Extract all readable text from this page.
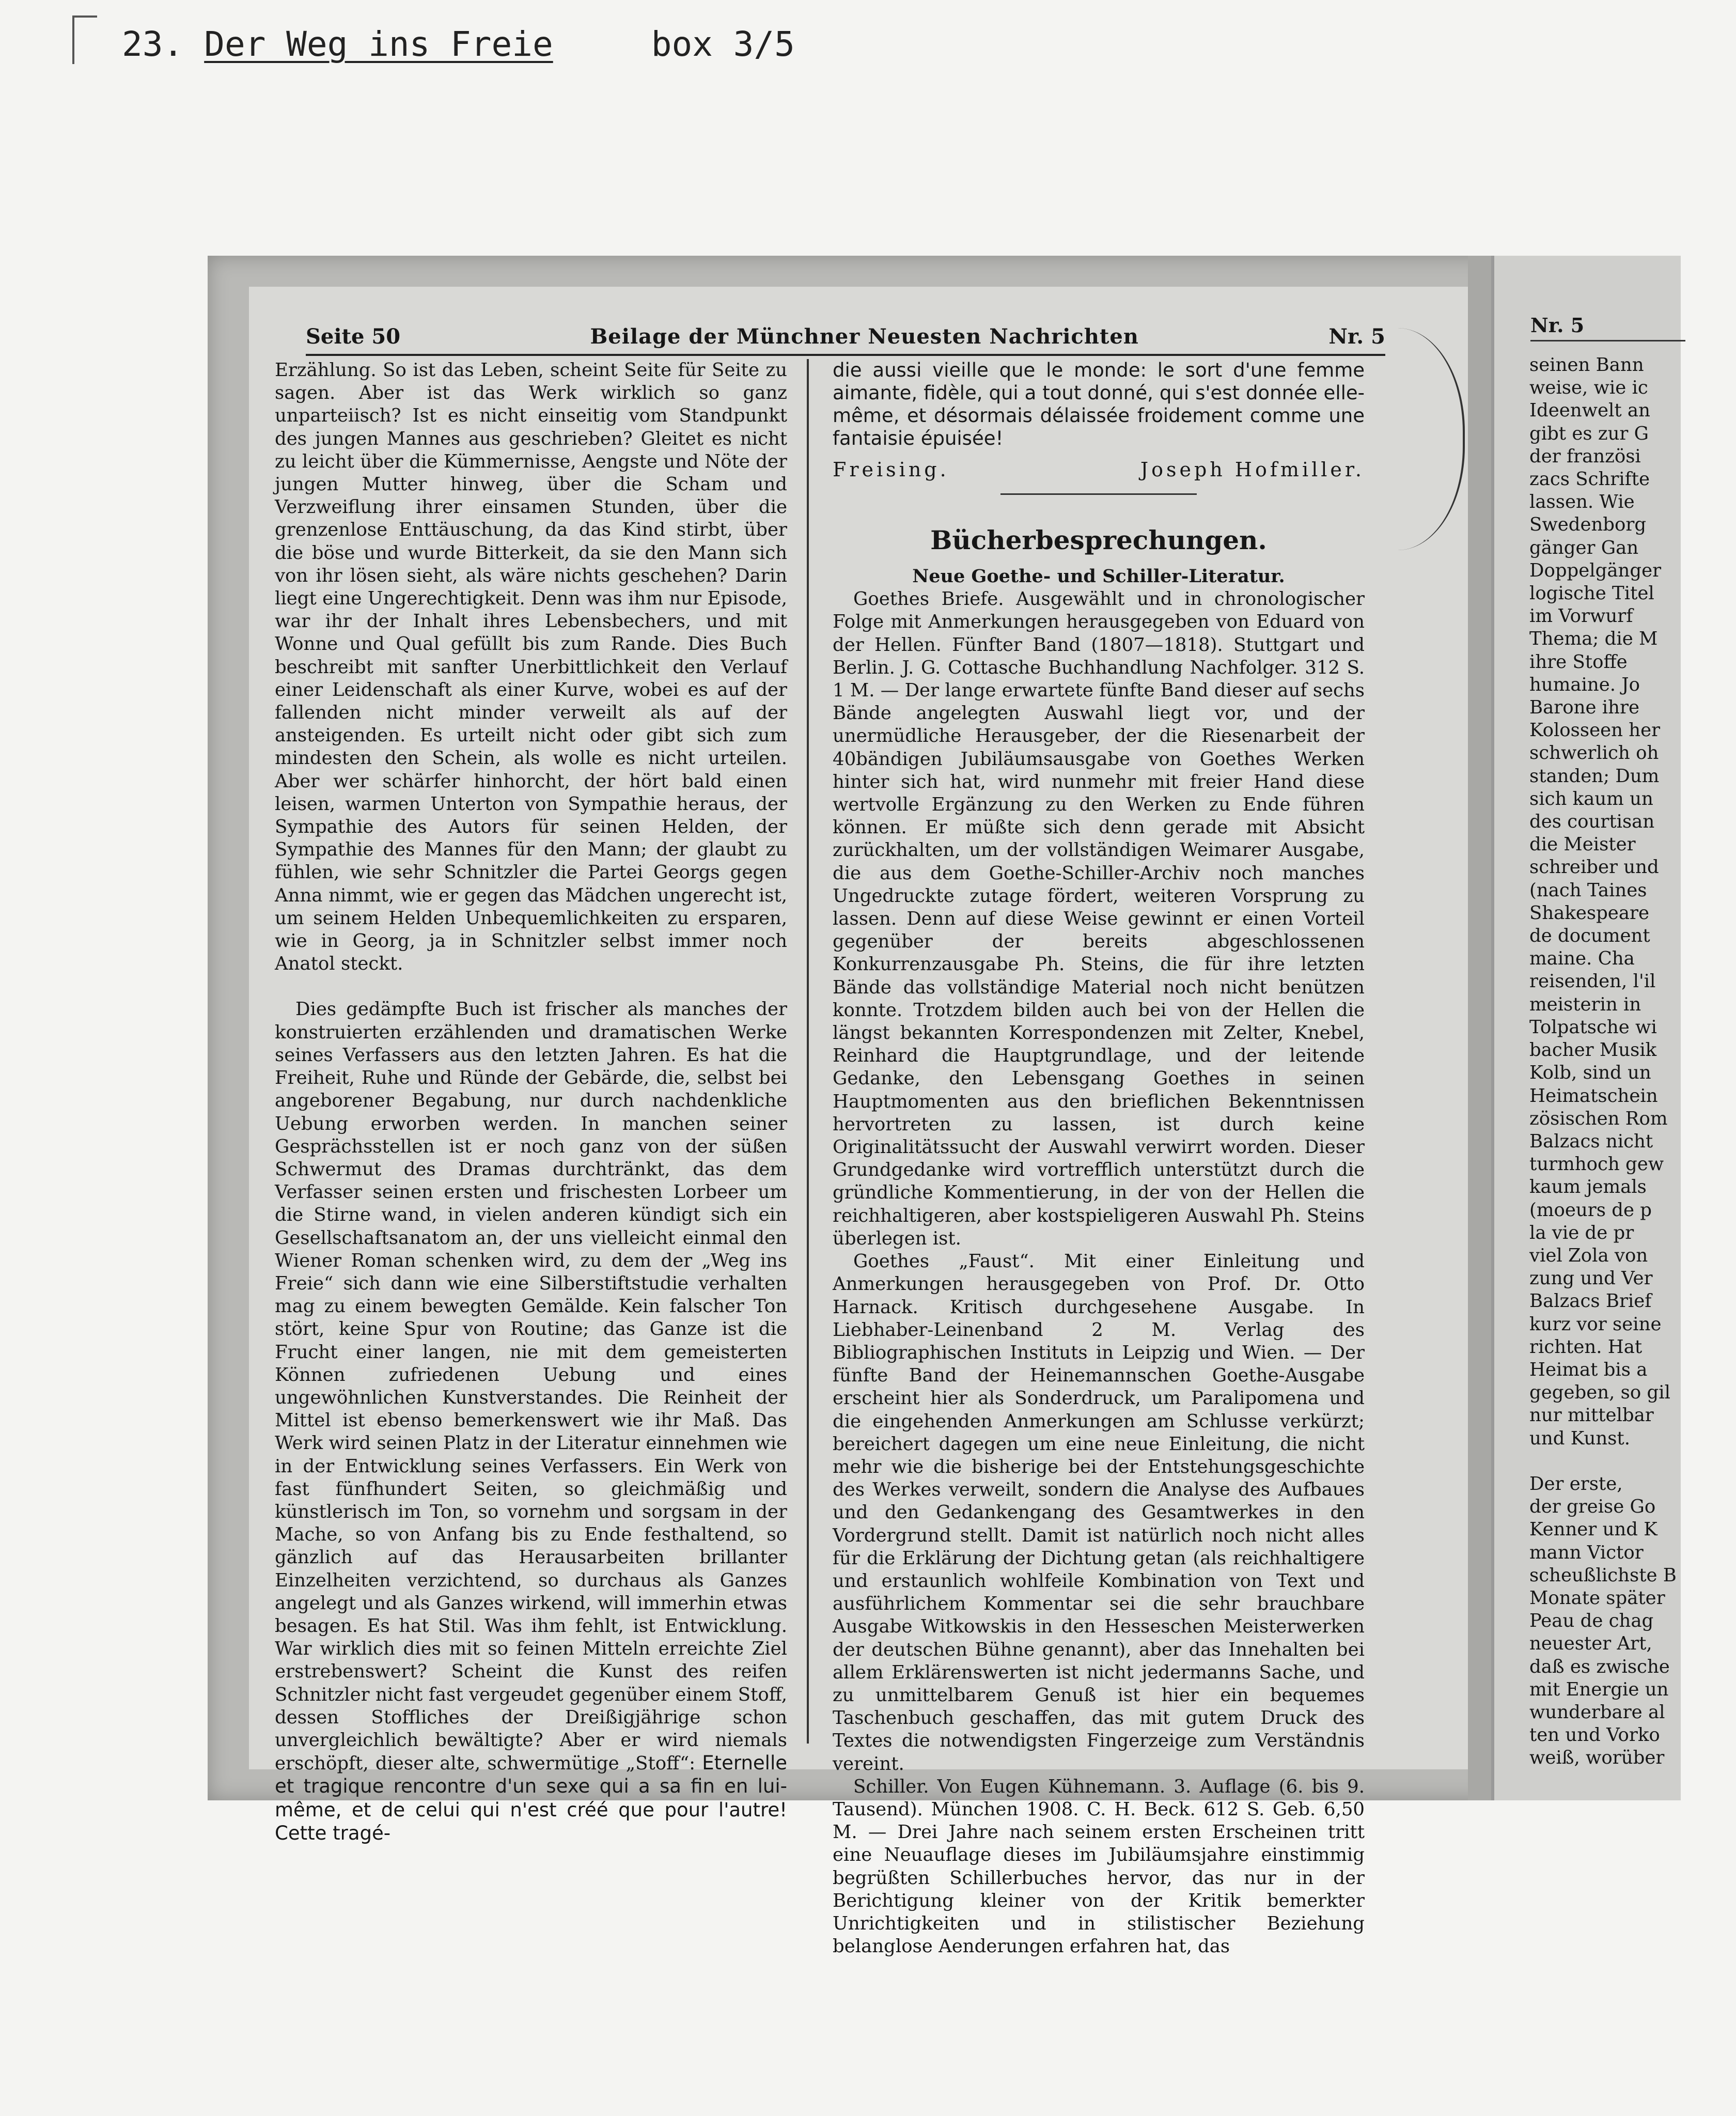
23. Der Weg ins Freie	box 3/5
Seite 50	Beilage der Münchner Neuesten Nachrichten	Nr. 5

Erzählung. So ist das Leben, scheint Seite für Seite zu sagen. Aber ist das Werk wirklich so ganz unparteiisch? Ist es nicht einseitig vom Standpunkt des jungen Mannes aus geschrieben? Gleitet es nicht zu leicht über die Kümmernisse, Aengste und Nöte der jungen Mutter hinweg, über die Scham und Verzweiflung ihrer einsamen Stunden, über die grenzenlose Enttäuschung, da das Kind stirbt, über die böse und wurde Bitterkeit, da sie den Mann sich von ihr lösen sieht, als wäre nichts geschehen? Darin liegt eine Ungerechtigkeit. Denn was ihm nur Episode, war ihr der Inhalt ihres Lebensbechers, und mit Wonne und Qual gefüllt bis zum Rande. Dies Buch beschreibt mit sanfter Unerbittlichkeit den Verlauf einer Leidenschaft als einer Kurve, wobei es auf der fallenden nicht minder verweilt als auf der ansteigenden. Es urteilt nicht oder gibt sich zum mindesten den Schein, als wolle es nicht urteilen. Aber wer schärfer hinhorcht, der hört bald einen leisen, warmen Unterton von Sympathie heraus, der Sympathie des Autors für seinen Helden, der Sympathie des Mannes für den Mann; der glaubt zu fühlen, wie sehr Schnitzler die Partei Georgs gegen Anna nimmt, wie er gegen das Mädchen ungerecht ist, um seinem Helden Unbequemlichkeiten zu ersparen, wie in Georg, ja in Schnitzler selbst immer noch Anatol steckt.

Dies gedämpfte Buch ist frischer als manches der konstruierten erzählenden und dramatischen Werke seines Verfassers aus den letzten Jahren. Es hat die Freiheit, Ruhe und Ründe der Gebärde, die, selbst bei angeborener Begabung, nur durch nachdenkliche Uebung erworben werden. In manchen seiner Gesprächsstellen ist er noch ganz von der süßen Schwermut des Dramas durchtränkt, das dem Verfasser seinen ersten und frischesten Lorbeer um die Stirne wand, in vielen anderen kündigt sich ein Gesellschaftsanatom an, der uns vielleicht einmal den Wiener Roman schenken wird, zu dem der „Weg ins Freie“ sich dann wie eine Silberstiftstudie verhalten mag zu einem bewegten Gemälde. Kein falscher Ton stört, keine Spur von Routine; das Ganze ist die Frucht einer langen, nie mit dem gemeisterten Können zufriedenen Uebung und eines ungewöhnlichen Kunstverstandes. Die Reinheit der Mittel ist ebenso bemerkenswert wie ihr Maß. Das Werk wird seinen Platz in der Literatur einnehmen wie in der Entwicklung seines Verfassers. Ein Werk von fast fünfhundert Seiten, so gleichmäßig und künstlerisch im Ton, so vornehm und sorgsam in der Mache, so von Anfang bis zu Ende festhaltend, so gänzlich auf das Herausarbeiten brillanter Einzelheiten verzichtend, so durchaus als Ganzes angelegt und als Ganzes wirkend, will immerhin etwas besagen. Es hat Stil. Was ihm fehlt, ist Entwicklung. War wirklich dies mit so feinen Mitteln erreichte Ziel erstrebenswert? Scheint die Kunst des reifen Schnitzler nicht fast vergeudet gegenüber einem Stoff, dessen Stoffliches der Dreißigjährige schon unvergleichlich bewältigte? Aber er wird niemals erschöpft, dieser alte, schwermütige „Stoff“: Eternelle et tragique rencontre d'un sexe qui a sa fin en lui-même, et de celui qui n'est créé que pour l'autre! Cette tragé-

die aussi vieille que le monde: le sort d'une femme aimante, fidèle, qui a tout donné, qui s'est donnée elle-même, et désormais délaissée froidement comme une fantaisie épuisée!

Freising.	Joseph Hofmiller.
Bücherbesprechungen.
Neue Goethe- und Schiller-Literatur.

Goethes Briefe. Ausgewählt und in chronologischer Folge mit Anmerkungen herausgegeben von Eduard von der Hellen. Fünfter Band (1807—1818). Stuttgart und Berlin. J. G. Cottasche Buchhandlung Nachfolger. 312 S. 1 M. — Der lange erwartete fünfte Band dieser auf sechs Bände angelegten Auswahl liegt vor, und der unermüdliche Herausgeber, der die Riesenarbeit der 40bändigen Jubiläumsausgabe von Goethes Werken hinter sich hat, wird nunmehr mit freier Hand diese wertvolle Ergänzung zu den Werken zu Ende führen können. Er müßte sich denn gerade mit Absicht zurückhalten, um der vollständigen Weimarer Ausgabe, die aus dem Goethe-Schiller-Archiv noch manches Ungedruckte zutage fördert, weiteren Vorsprung zu lassen. Denn auf diese Weise gewinnt er einen Vorteil gegenüber der bereits abgeschlossenen Konkurrenzausgabe Ph. Steins, die für ihre letzten Bände das vollständige Material noch nicht benützen konnte. Trotzdem bilden auch bei von der Hellen die längst bekannten Korrespondenzen mit Zelter, Knebel, Reinhard die Hauptgrundlage, und der leitende Gedanke, den Lebensgang Goethes in seinen Hauptmomenten aus den brieflichen Bekenntnissen hervortreten zu lassen, ist durch keine Originalitätssucht der Auswahl verwirrt worden. Dieser Grundgedanke wird vortrefflich unterstützt durch die gründliche Kommentierung, in der von der Hellen die reichhaltigeren, aber kostspieligeren Auswahl Ph. Steins überlegen ist.

Goethes „Faust“. Mit einer Einleitung und Anmerkungen herausgegeben von Prof. Dr. Otto Harnack. Kritisch durchgesehene Ausgabe. In Liebhaber-Leinenband 2 M. Verlag des Bibliographischen Instituts in Leipzig und Wien. — Der fünfte Band der Heinemannschen Goethe-Ausgabe erscheint hier als Sonderdruck, um Paralipomena und die eingehenden Anmerkungen am Schlusse verkürzt; bereichert dagegen um eine neue Einleitung, die nicht mehr wie die bisherige bei der Entstehungsgeschichte des Werkes verweilt, sondern die Analyse des Aufbaues und den Gedankengang des Gesamtwerkes in den Vordergrund stellt. Damit ist natürlich noch nicht alles für die Erklärung der Dichtung getan (als reichhaltigere und erstaunlich wohlfeile Kombination von Text und ausführlichem Kommentar sei die sehr brauchbare Ausgabe Witkowskis in den Hesseschen Meisterwerken der deutschen Bühne genannt), aber das Innehalten bei allem Erklärenswerten ist nicht jedermanns Sache, und zu unmittelbarem Genuß ist hier ein bequemes Taschenbuch geschaffen, das mit gutem Druck des Textes die notwendigsten Fingerzeige zum Verständnis vereint.

Schiller. Von Eugen Kühnemann. 3. Auflage (6. bis 9. Tausend). München 1908. C. H. Beck. 612 S. Geb. 6,50 M. — Drei Jahre nach seinem ersten Erscheinen tritt eine Neuauflage dieses im Jubiläumsjahre einstimmig begrüßten Schillerbuches hervor, das nur in der Berichtigung kleiner von der Kritik bemerkter Unrichtigkeiten und in stilistischer Beziehung belanglose Aenderungen erfahren hat, das

Nr. 5
seinen Bann
weise, wie ic
Ideenwelt an
gibt es zur G
der französi
zacs Schrifte
lassen. Wie
Swedenborg
gänger Gan
Doppelgänger
logische Titel
im Vorwurf
Thema; die M
ihre Stoffe
humaine. Jo
Barone ihre
Kolosseen her
schwerlich oh
standen; Dum
sich kaum un
des courtisan
die Meister
schreiber und
(nach Taines
Shakespeare
de document
maine. Cha
reisenden, l'il
meisterin in
Tolpatsche wi
bacher Musik
Kolb, sind un
Heimatschein
zösischen Rom
Balzacs nicht
turmhoch gew
kaum jemals
(moeurs de p
la vie de pr
viel Zola von
zung und Ver
Balzacs Brief
kurz vor seine
richten. Hat
Heimat bis a
gegeben, so gil
nur mittelbar
und Kunst.

Der erste,
der greise Go
Kenner und K
mann Victor
scheußlichste B
Monate später
Peau de chag
neuester Art,
daß es zwische
mit Energie un
wunderbare al
ten und Vorko
weiß, worüber
